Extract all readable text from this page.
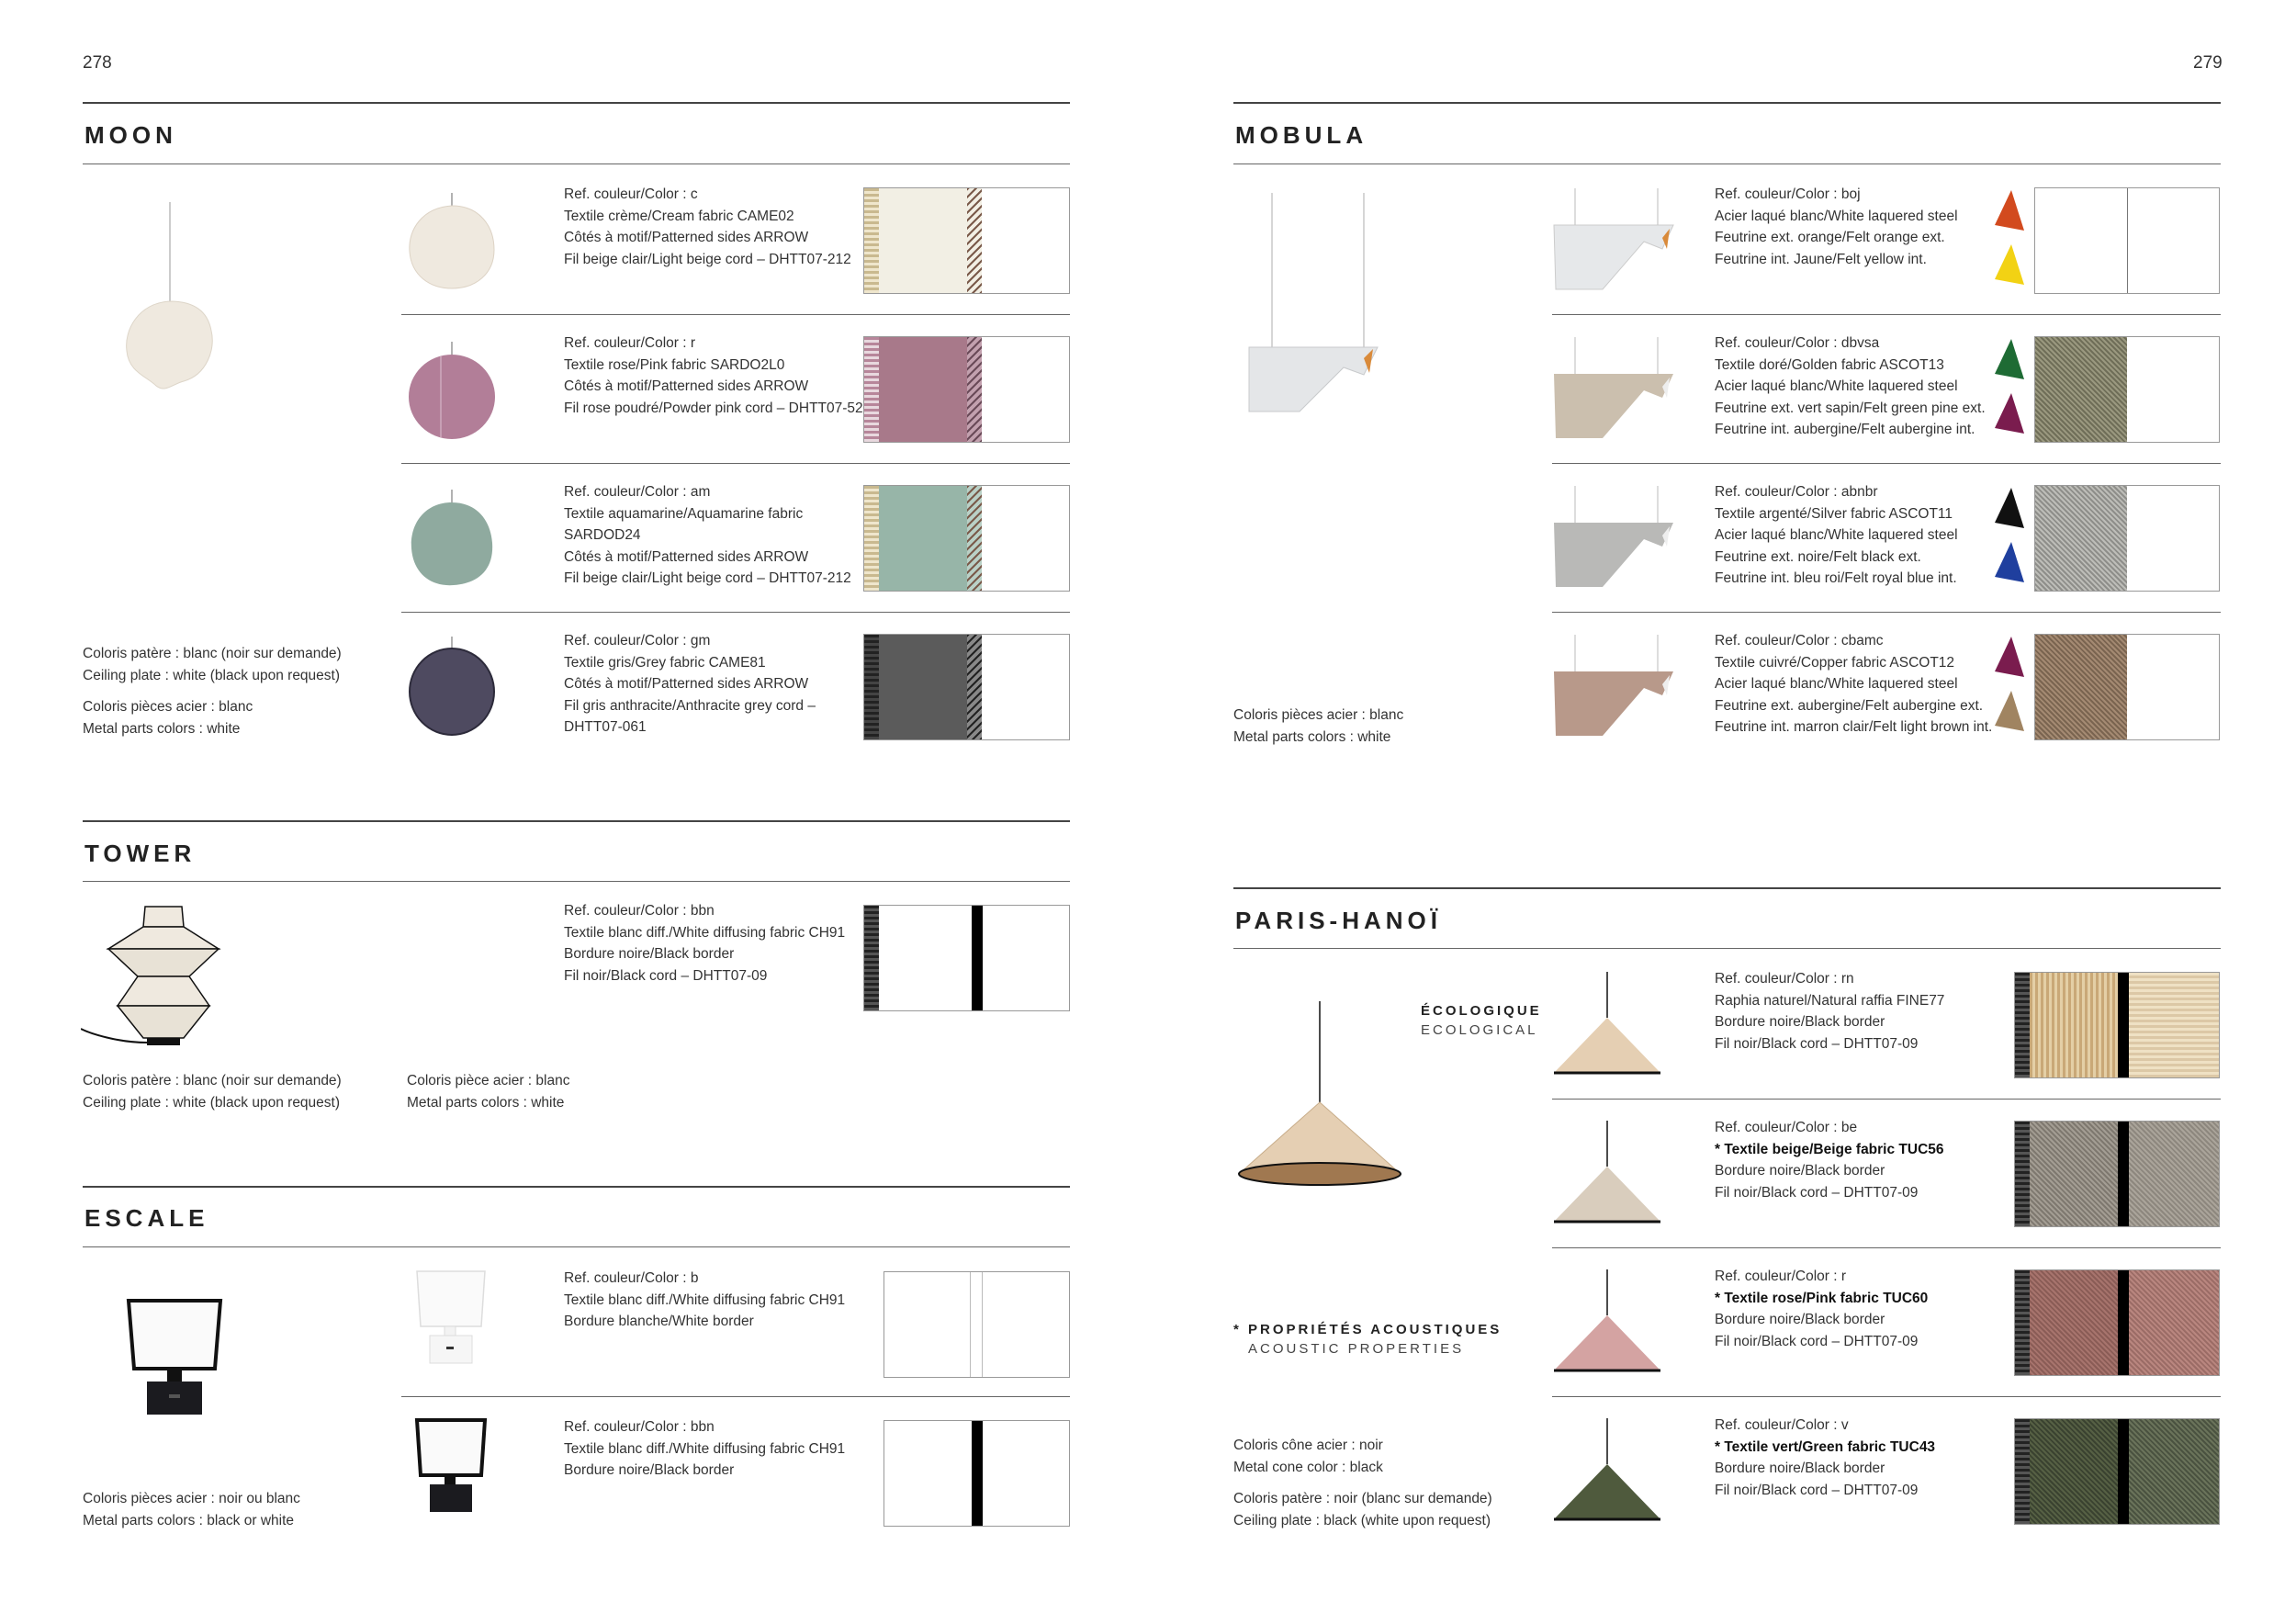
278	279
MOON
Ref. couleur/Color : c
Textile crème/Cream fabric CAME02
Côtés à motif/Patterned sides ARROW
Fil beige clair/Light beige cord – DHTT07-212
Ref. couleur/Color : r
Textile rose/Pink fabric SARDO2L0
Côtés à motif/Patterned sides ARROW
Fil rose poudré/Powder pink cord – DHTT07-52
Ref. couleur/Color : am
Textile aquamarine/Aquamarine fabric
SARDOD24
Côtés à motif/Patterned sides ARROW
Fil beige clair/Light beige cord – DHTT07-212
Ref. couleur/Color : gm
Textile gris/Grey fabric CAME81
Côtés à motif/Patterned sides ARROW
Fil gris anthracite/Anthracite grey cord –
DHTT07-061
Coloris patère : blanc (noir sur demande)
Ceiling plate : white (black upon request)
Coloris pièces acier : blanc
Metal parts colors : white
TOWER
Ref. couleur/Color : bbn
Textile blanc diff./White diffusing fabric CH91
Bordure noire/Black border
Fil noir/Black cord – DHTT07-09
Coloris patère : blanc (noir sur demande)
Ceiling plate : white (black upon request)
Coloris pièce acier : blanc
Metal parts colors : white
ESCALE
Ref. couleur/Color : b
Textile blanc diff./White diffusing fabric CH91
Bordure blanche/White border
Ref. couleur/Color : bbn
Textile blanc diff./White diffusing fabric CH91
Bordure noire/Black border
Coloris pièces acier : noir ou blanc
Metal parts colors : black or white
MOBULA
Ref. couleur/Color : boj
Acier laqué blanc/White laquered steel
Feutrine ext. orange/Felt orange ext.
Feutrine int. Jaune/Felt yellow int.
Ref. couleur/Color : dbvsa
Textile doré/Golden fabric ASCOT13
Acier laqué blanc/White laquered steel
Feutrine ext. vert sapin/Felt green pine ext.
Feutrine int. aubergine/Felt aubergine int.
Ref. couleur/Color : abnbr
Textile argenté/Silver fabric ASCOT11
Acier laqué blanc/White laquered steel
Feutrine ext. noire/Felt black ext.
Feutrine int. bleu roi/Felt royal blue int.
Ref. couleur/Color : cbamc
Textile cuivré/Copper fabric ASCOT12
Acier laqué blanc/White laquered steel
Feutrine ext. aubergine/Felt aubergine ext.
Feutrine int. marron clair/Felt light brown int.
Coloris pièces acier : blanc
Metal parts colors : white
PARIS-HANOÏ
ÉCOLOGIQUE
ECOLOGICAL
Ref. couleur/Color : rn
Raphia naturel/Natural raffia FINE77
Bordure noire/Black border
Fil noir/Black cord – DHTT07-09
Ref. couleur/Color : be
* Textile beige/Beige fabric TUC56
Bordure noire/Black border
Fil noir/Black cord – DHTT07-09
Ref. couleur/Color : r
* Textile rose/Pink fabric TUC60
Bordure noire/Black border
Fil noir/Black cord – DHTT07-09
Ref. couleur/Color : v
* Textile vert/Green fabric TUC43
Bordure noire/Black border
Fil noir/Black cord – DHTT07-09
* PROPRIÉTÉS ACOUSTIQUES
ACOUSTIC PROPERTIES
Coloris cône acier : noir
Metal cone color : black
Coloris patère : noir (blanc sur demande)
Ceiling plate : black (white upon request)
